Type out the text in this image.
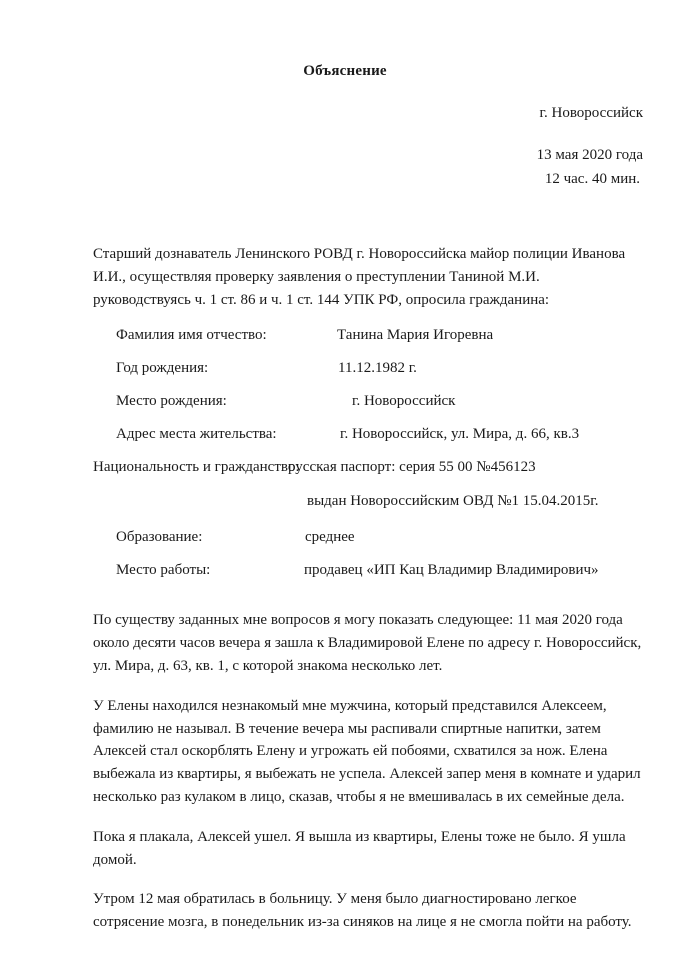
Объяснение
г. Новороссийск
13 мая 2020 года
12 час. 40 мин.

Старший дознаватель Ленинского РОВД г. Новороссийска майор полиции Иванова И.И., осуществляя проверку заявления о преступлении Таниной М.И. руководствуясь ч. 1 ст. 86 и ч. 1 ст. 144 УПК РФ, опросила гражданина:

Фамилия имя отчество:	Танина Мария Игоревна
Год рождения:	11.12.1982 г.
Место рождения:	г. Новороссийск
Адрес места жительства:	г. Новороссийск, ул. Мира, д. 66, кв.3
Национальность и гражданство:
русская паспорт: серия 55 00 №456123
выдан Новороссийским ОВД №1 15.04.2015г.
Образование:	среднее
Место работы:	продавец «ИП Кац Владимир Владимирович»

По существу заданных мне вопросов я могу показать следующее: 11 мая 2020 года около десяти часов вечера я зашла к Владимировой Елене по адресу г. Новороссийск, ул. Мира, д. 63, кв. 1, с которой знакома несколько лет.

У Елены находился незнакомый мне мужчина, который представился Алексеем, фамилию не называл. В течение вечера мы распивали спиртные напитки, затем Алексей стал оскорблять Елену и угрожать ей побоями, схватился за нож. Елена выбежала из квартиры, я выбежать не успела. Алексей запер меня в комнате и ударил несколько раз кулаком в лицо, сказав, чтобы я не вмешивалась в их семейные дела.

Пока я плакала, Алексей ушел. Я вышла из квартиры, Елены тоже не было. Я ушла домой.

Утром 12 мая обратилась в больницу. У меня было диагностировано легкое сотрясение мозга, в понедельник из-за синяков на лице я не смогла пойти на работу.
